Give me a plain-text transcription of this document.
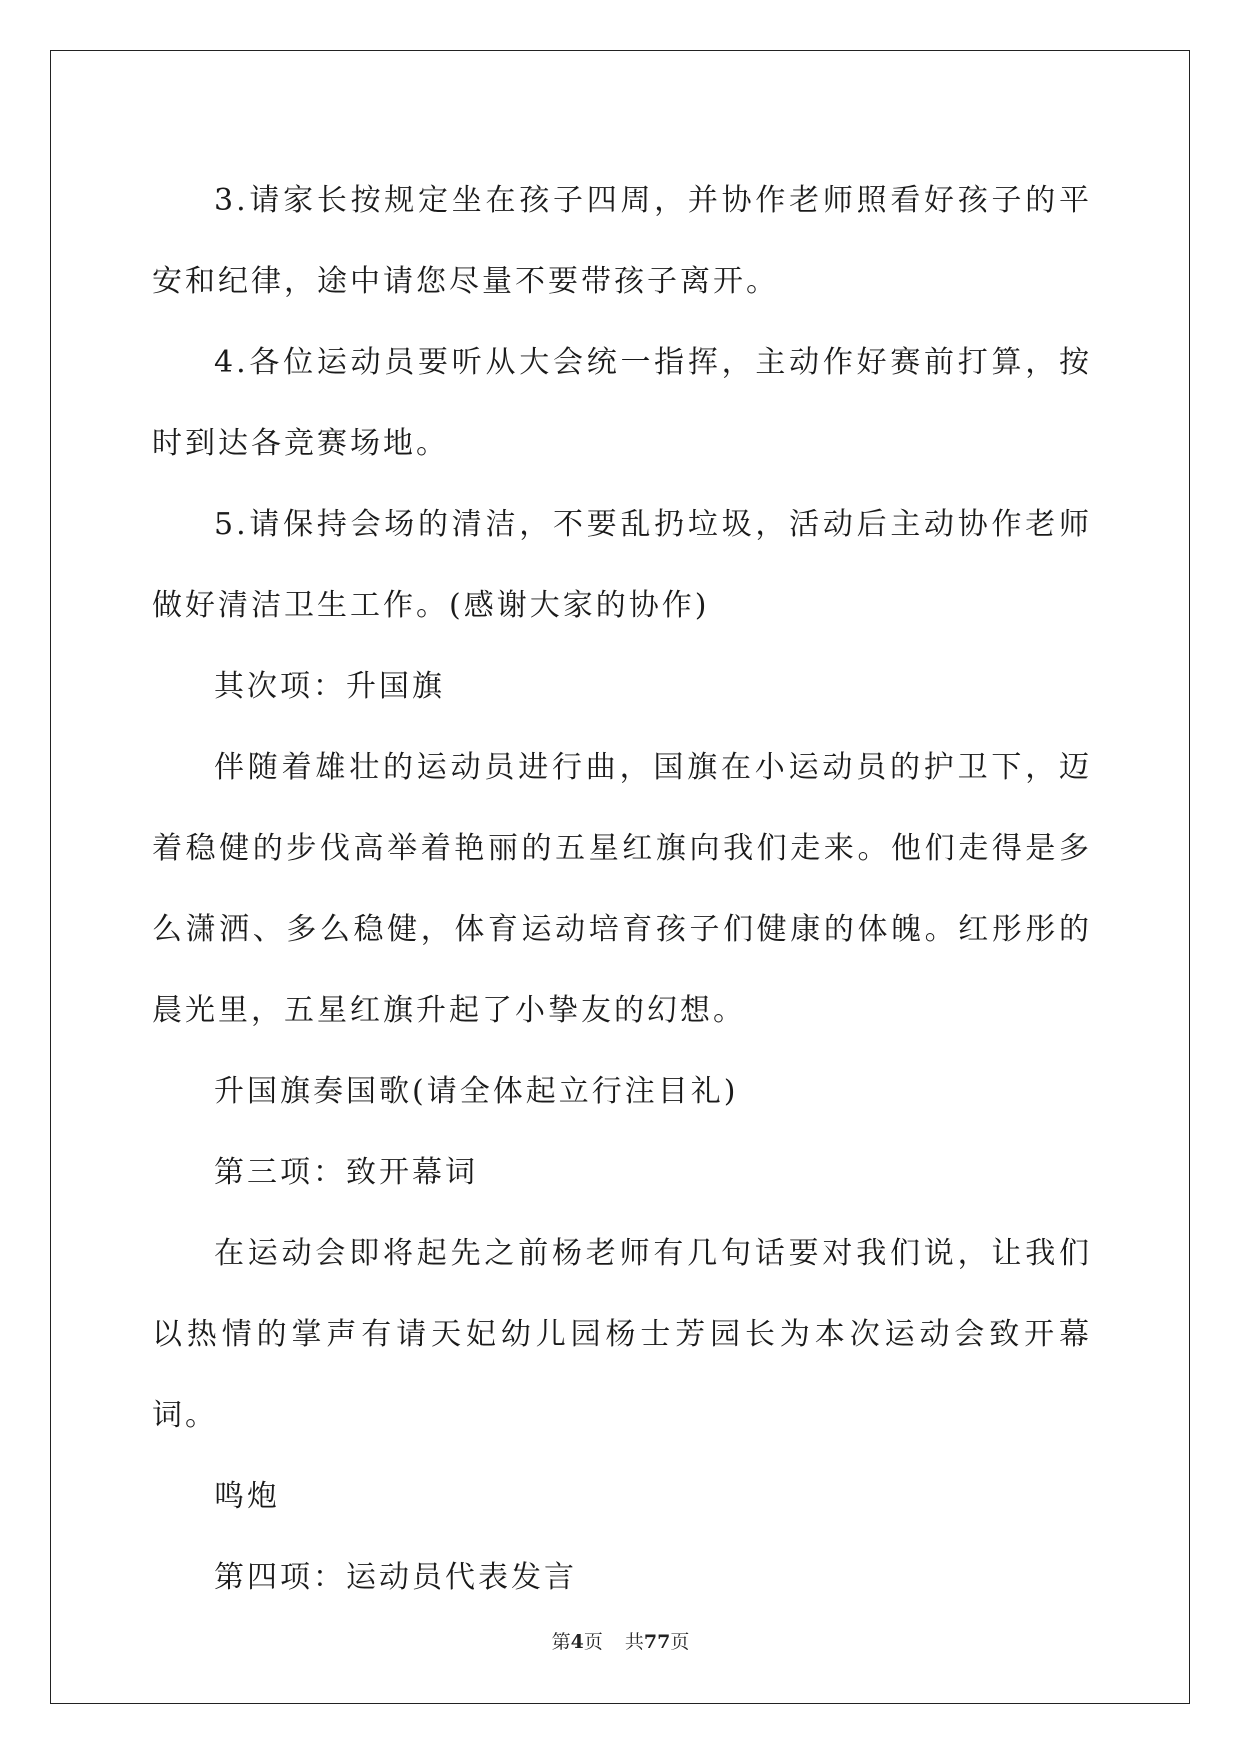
3.请家长按规定坐在孩子四周，并协作老师照看好孩子的平安和纪律，途中请您尽量不要带孩子离开。

4.各位运动员要听从大会统一指挥，主动作好赛前打算，按时到达各竞赛场地。

5.请保持会场的清洁，不要乱扔垃圾，活动后主动协作老师做好清洁卫生工作。(感谢大家的协作)

其次项：升国旗

伴随着雄壮的运动员进行曲，国旗在小运动员的护卫下，迈着稳健的步伐高举着艳丽的五星红旗向我们走来。他们走得是多么潇洒、多么稳健，体育运动培育孩子们健康的体魄。红彤彤的晨光里，五星红旗升起了小挚友的幻想。

升国旗奏国歌(请全体起立行注目礼)

第三项：致开幕词

在运动会即将起先之前杨老师有几句话要对我们说，让我们以热情的掌声有请天妃幼儿园杨士芳园长为本次运动会致开幕词。

鸣炮

第四项：运动员代表发言

第4页 共77页
